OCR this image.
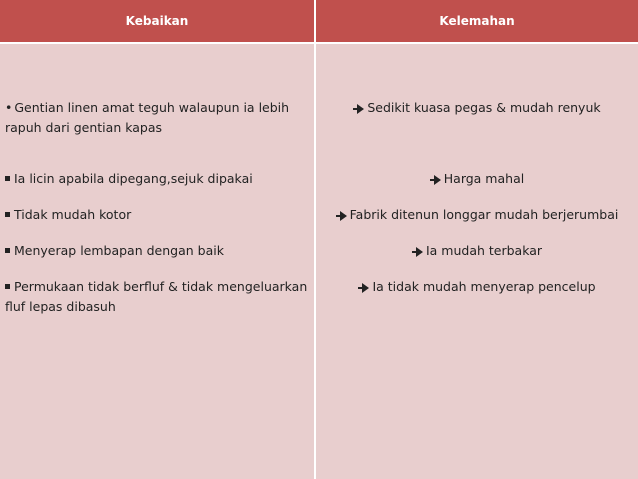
Kebaikan	Kelemahan
• Gentian linen amat teguh walaupun ia lebih rapuh dari gentian kapas
Ia licin apabila dipegang,sejuk dipakai
Tidak mudah kotor
Menyerap lembapan dengan baik
Permukaan tidak berfluf & tidak mengeluarkan fluf lepas dibasuh
Sedikit kuasa pegas & mudah renyuk
Harga mahal
Fabrik ditenun longgar mudah berjerumbai
Ia mudah terbakar
Ia tidak mudah menyerap pencelup
